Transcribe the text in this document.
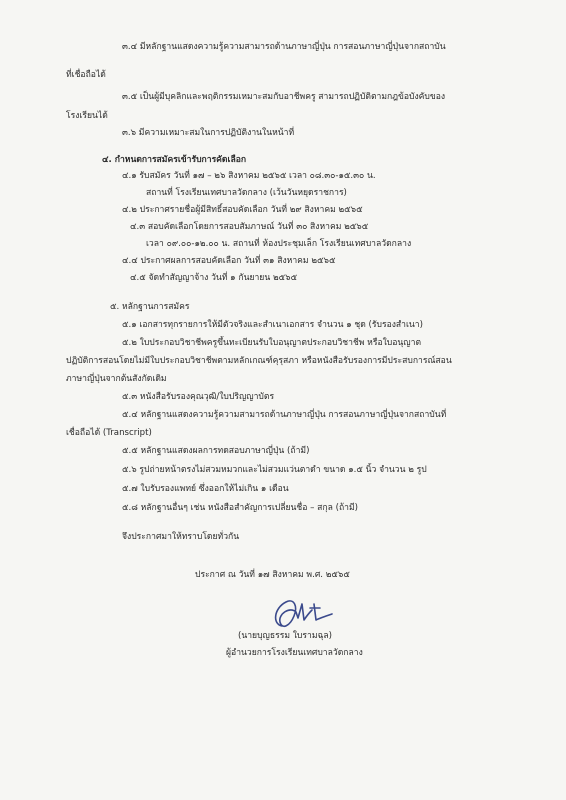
๓.๔ มีหลักฐานแสดงความรู้ความสามารถด้านภาษาญี่ปุ่น การสอนภาษาญี่ปุ่นจากสถาบัน
ที่เชื่อถือได้
๓.๕ เป็นผู้มีบุคลิกและพฤติกรรมเหมาะสมกับอาชีพครู สามารถปฏิบัติตามกฎข้อบังคับของ
โรงเรียนได้
๓.๖ มีความเหมาะสมในการปฏิบัติงานในหน้าที่
๔. กำหนดการสมัครเข้ารับการคัดเลือก
๔.๑ รับสมัคร วันที่ ๑๗ – ๒๖ สิงหาคม ๒๕๖๕ เวลา ๐๘.๓๐-๑๕.๓๐ น.
สถานที่ โรงเรียนเทศบาลวัดกลาง (เว้นวันหยุดราชการ)
๔.๒ ประกาศรายชื่อผู้มีสิทธิ์สอบคัดเลือก วันที่ ๒๙ สิงหาคม ๒๕๖๕
๔.๓ สอบคัดเลือกโดยการสอบสัมภาษณ์ วันที่ ๓๐ สิงหาคม ๒๕๖๕
เวลา ๐๙.๐๐-๑๒.๐๐ น. สถานที่ ห้องประชุมเล็ก โรงเรียนเทศบาลวัดกลาง
๔.๔ ประกาศผลการสอบคัดเลือก วันที่ ๓๑ สิงหาคม ๒๕๖๕
๔.๕ จัดทำสัญญาจ้าง วันที่ ๑ กันยายน ๒๕๖๕
๕. หลักฐานการสมัคร
๕.๑ เอกสารทุกรายการให้มีตัวจริงและสำเนาเอกสาร จำนวน ๑ ชุด (รับรองสำเนา)
๕.๒ ใบประกอบวิชาชีพครูขึ้นทะเบียนรับใบอนุญาตประกอบวิชาชีพ หรือใบอนุญาต
ปฏิบัติการสอนโดยไม่มีใบประกอบวิชาชีพตามหลักเกณฑ์คุรุสภา หรือหนังสือรับรองการมีประสบการณ์สอน
ภาษาญี่ปุ่นจากต้นสังกัดเดิม
๕.๓ หนังสือรับรองคุณวุฒิ/ใบปริญญาบัตร
๕.๔ หลักฐานแสดงความรู้ความสามารถด้านภาษาญี่ปุ่น การสอนภาษาญี่ปุ่นจากสถาบันที่
เชื่อถือได้ (Transcript)
๕.๕ หลักฐานแสดงผลการทดสอบภาษาญี่ปุ่น (ถ้ามี)
๕.๖ รูปถ่ายหน้าตรงไม่สวมหมวกและไม่สวมแว่นตาดำ ขนาด ๑.๕ นิ้ว จำนวน ๒ รูป
๕.๗ ใบรับรองแพทย์ ซึ่งออกให้ไม่เกิน ๑ เดือน
๕.๘ หลักฐานอื่นๆ เช่น หนังสือสำคัญการเปลี่ยนชื่อ – สกุล (ถ้ามี)
จึงประกาศมาให้ทราบโดยทั่วกัน
ประกาศ ณ วันที่ ๑๗ สิงหาคม พ.ศ. ๒๕๖๕
(นายบุญธรรม ใบรามฉุล)
ผู้อำนวยการโรงเรียนเทศบาลวัดกลาง
